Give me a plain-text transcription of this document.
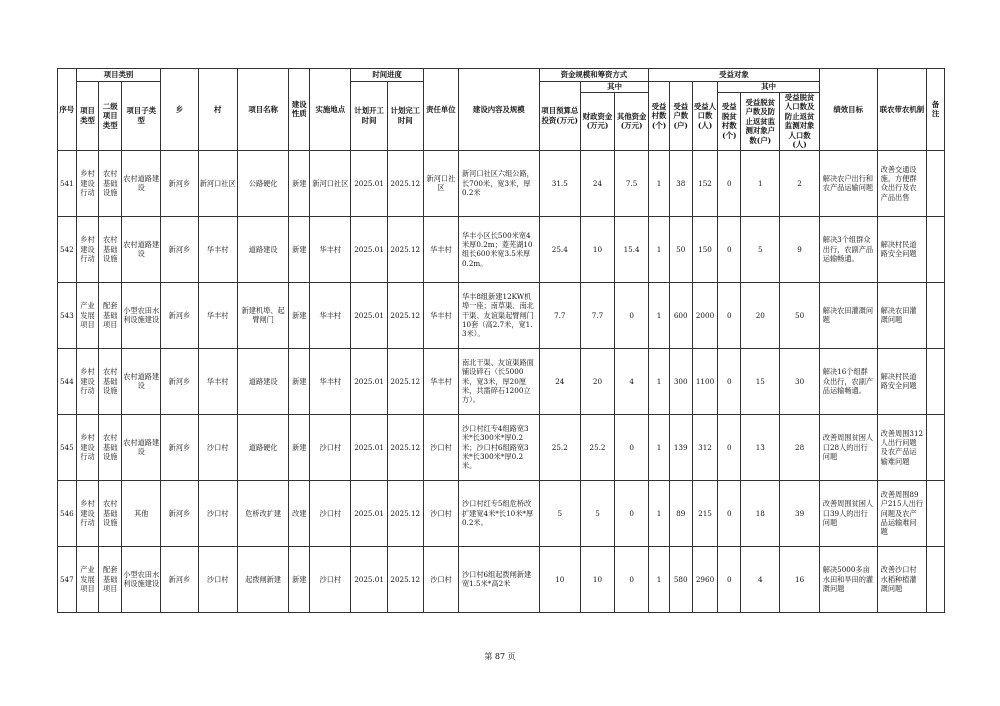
序号	项目类别			乡	村	项目名称	建设性质	实施地点	时间进度		责任单位	建设内容及规模	资金规模和筹资方式			受益对象						绩效目标	联农带农机制	备注
	项目类型	二级项目类型	项目子类型						计划开工时间	计划完工时间			项目预算总投资(万元)	其中		受益村数(个)	受益户数(户)	受益人口数(人)	其中					
														财政资金(万元)	其他资金(万元)				受益脱贫村数(个)	受益脱贫户数及防止返贫监测对象户数(户)	受益脱贫人口数及防止返贫监测对象人口数(人)			
541	乡村建设行动	农村基础设施	农村道路建设	新河乡	新河口社区	公路硬化	新建	新河口社区	2025.01	2025.12	新河口社区	新河口社区六组公路，长700米，宽3米，厚0.2米	31.5	24	7.5	1	38	152	0	1	2	解决农户出行和农产品运输问题	改善交通设施，方便群众出行及农产品出售	
542	乡村建设行动	农村基础设施	农村道路建设	新河乡	华丰村	道路建设	新建	华丰村	2025.01	2025.12	华丰村	华丰小区长500米宽4米厚0.2m；菱芜湖10组长600米宽3.5米厚0.2m。	25.4	10	15.4	1	50	150	0	5	9	解决3个组群众出行，农副产品运输畅通。	解决村民道路安全问题	
543	产业发展项目	配套基础项目	小型农田水利设施建设	新河乡	华丰村	新建机埠、起臂闸门	新建	华丰村	2025.01	2025.12	华丰村	华丰8组新建12KW机埠一座；南草渠、南北干渠、友谊渠起臂闸门10套（高2.7米，宽1.3米）。	7.7	7.7	0	1	600	2000	0	20	50	解决农田灌溉问题	解决农田灌溉问题	
544	乡村建设行动	农村基础设施	农村道路建设	新河乡	华丰村	道路建设	新建	华丰村	2025.01	2025.12	华丰村	南北干渠、友谊渠路面铺设碎石（长5000米，宽3米，厚20厘米，共需碎石1200立方）。	24	20	4	1	300	1100	0	15	30	解决16个组群众出行，农副产品运输畅通。	解决村民道路安全问题	
545	乡村建设行动	农村基础设施	农村道路建设	新河乡	沙口村	道路硬化	新建	沙口村	2025.01	2025.12	沙口村	沙口村红专4组路宽3米*长300米*厚0.2米；沙口村6组路宽3米*长300米*厚0.2米。	25.2	25.2	0	1	139	312	0	13	28	改善周围贫困人口28人的出行问题	改善周围312人出行问题及农产品运输难问题	
546	乡村建设行动	农村基础设施	其他	新河乡	沙口村	危桥改扩建	改建	沙口村	2025.01	2025.12	沙口村	沙口村红专5组危桥改扩建宽4米*长10米*厚0.2米。	5	5	0	1	89	215	0	18	39	改善周围贫困人口39人的出行问题	改善周围89户215人出行问题及农产品运输难问题	
547	产业发展项目	配套基础项目	小型农田水利设施建设	新河乡	沙口村	起拨闸新建	新建	沙口村	2025.01	2025.12	沙口村	沙口村6组起拨闸新建宽1.5米*高2米	10	10	0	1	580	2960	0	4	16	解决5000多亩水田和旱田的灌溉问题	改善沙口村水稻种植灌溉问题	
第 87 页
